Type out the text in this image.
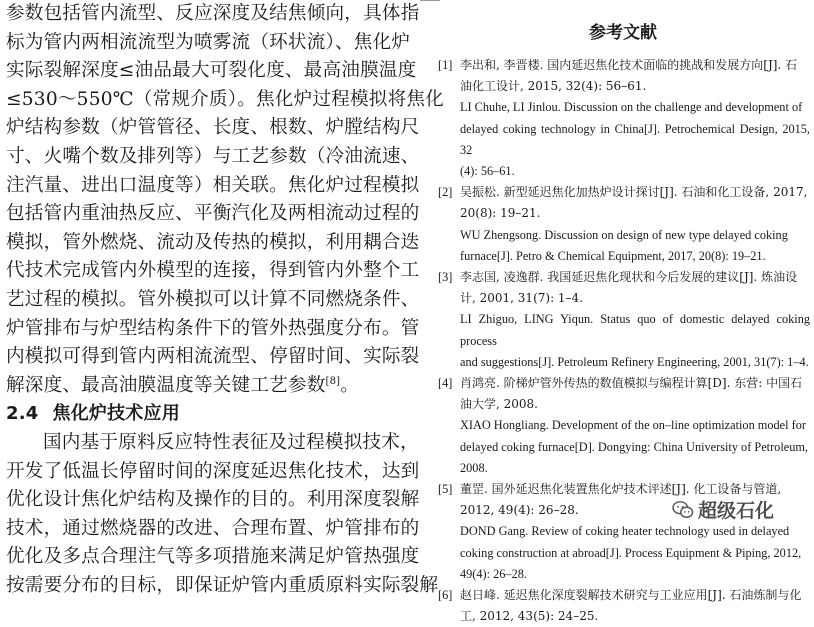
参数包括管内流型、反应深度及结焦倾向，具体指
标为管内两相流流型为喷雾流（环状流）、焦化炉
实际裂解深度≤油品最大可裂化度、最高油膜温度
≤530～550℃（常规介质）。焦化炉过程模拟将焦化
炉结构参数（炉管管径、长度、根数、炉膛结构尺
寸、火嘴个数及排列等）与工艺参数（冷油流速、
注汽量、进出口温度等）相关联。焦化炉过程模拟
包括管内重油热反应、平衡汽化及两相流动过程的
模拟，管外燃烧、流动及传热的模拟，利用耦合迭
代技术完成管内外模型的连接，得到管内外整个工
艺过程的模拟。管外模拟可以计算不同燃烧条件、
炉管排布与炉型结构条件下的管外热强度分布。管
内模拟可得到管内两相流流型、停留时间、实际裂
解深度、最高油膜温度等关键工艺参数[8]。
2.4 焦化炉技术应用
国内基于原料反应特性表征及过程模拟技术，
开发了低温长停留时间的深度延迟焦化技术，达到
优化设计焦化炉结构及操作的目的。利用深度裂解
技术，通过燃烧器的改进、合理布置、炉管排布的
优化及多点合理注气等多项措施来满足炉管热强度
按需要分布的目标，即保证炉管内重质原料实际裂解
参考文献
[1] 李出和, 李晋楼. 国内延迟焦化技术面临的挑战和发展方向[J]. 石
油化工设计, 2015, 32(4): 56–61.
LI Chuhe, LI Jinlou. Discussion on the challenge and development of
delayed coking technology in China[J]. Petrochemical Design, 2015, 32
(4): 56–61.
[2] 吴振松. 新型延迟焦化加热炉设计探讨[J]. 石油和化工设备, 2017,
20(8): 19–21.
WU Zhengsong. Discussion on design of new type delayed coking
furnace[J]. Petro & Chemical Equipment, 2017, 20(8): 19–21.
[3] 李志国, 凌逸群. 我国延迟焦化现状和今后发展的建议[J]. 炼油设
计, 2001, 31(7): 1–4.
LI Zhiguo, LING Yiqun. Status quo of domestic delayed coking process
and suggestions[J]. Petroleum Refinery Engineering, 2001, 31(7): 1–4.
[4] 肖鸿亮. 阶梯炉管外传热的数值模拟与编程计算[D]. 东营: 中国石
油大学, 2008.
XIAO Hongliang. Development of the on–line optimization model for
delayed coking furnace[D]. Dongying: China University of Petroleum,
2008.
[5] 董罡. 国外延迟焦化装置焦化炉技术评述[J]. 化工设备与管道,
2012, 49(4): 26–28.
DOND Gang. Review of coking heater technology used in delayed
coking construction at abroad[J]. Process Equipment & Piping, 2012,
49(4): 26–28.
[6] 赵日峰. 延迟焦化深度裂解技术研究与工业应用[J]. 石油炼制与化
工, 2012, 43(5): 24–25.
超级石化
